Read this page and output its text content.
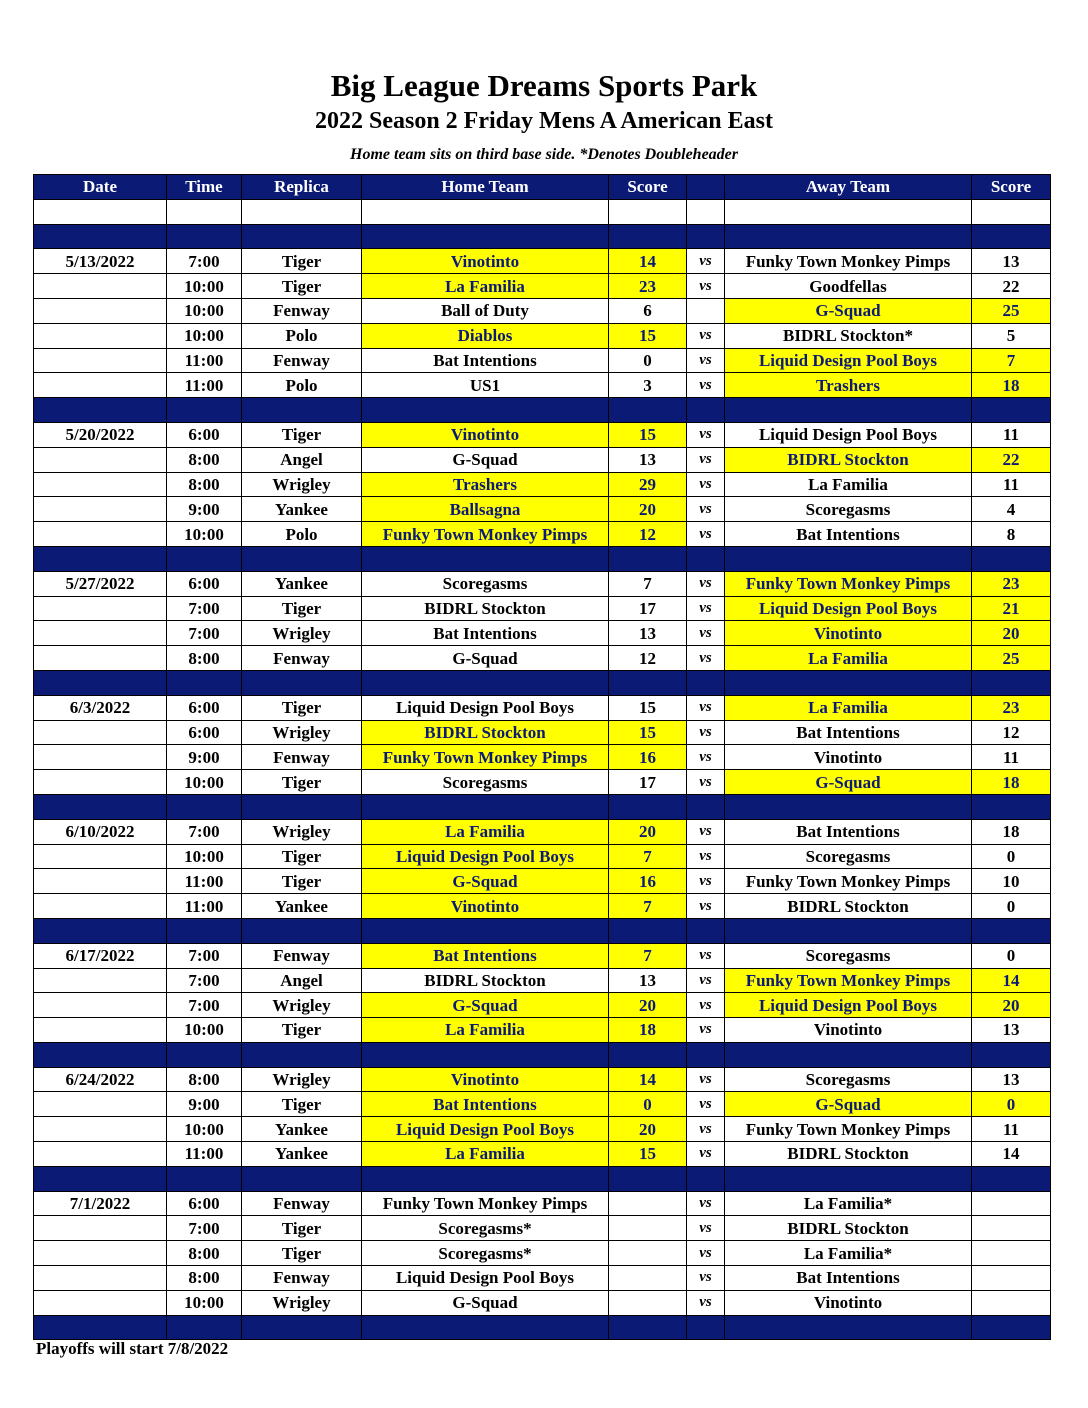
Big League Dreams Sports Park
2022 Season 2 Friday Mens A American East
Home team sits on third base side. *Denotes Doubleheader
Date	Time	Replica	Home Team	Score		Away Team	Score

5/13/2022	7:00	Tiger	Vinotinto	14	vs	Funky Town Monkey Pimps	13
	10:00	Tiger	La Familia	23	vs	Goodfellas	22
	10:00	Fenway	Ball of Duty	6		G-Squad	25
	10:00	Polo	Diablos	15	vs	BIDRL Stockton*	5
	11:00	Fenway	Bat Intentions	0	vs	Liquid Design Pool Boys	7
	11:00	Polo	US1	3	vs	Trashers	18

5/20/2022	6:00	Tiger	Vinotinto	15	vs	Liquid Design Pool Boys	11
	8:00	Angel	G-Squad	13	vs	BIDRL Stockton	22
	8:00	Wrigley	Trashers	29	vs	La Familia	11
	9:00	Yankee	Ballsagna	20	vs	Scoregasms	4
	10:00	Polo	Funky Town Monkey Pimps	12	vs	Bat Intentions	8

5/27/2022	6:00	Yankee	Scoregasms	7	vs	Funky Town Monkey Pimps	23
	7:00	Tiger	BIDRL Stockton	17	vs	Liquid Design Pool Boys	21
	7:00	Wrigley	Bat Intentions	13	vs	Vinotinto	20
	8:00	Fenway	G-Squad	12	vs	La Familia	25

6/3/2022	6:00	Tiger	Liquid Design Pool Boys	15	vs	La Familia	23
	6:00	Wrigley	BIDRL Stockton	15	vs	Bat Intentions	12
	9:00	Fenway	Funky Town Monkey Pimps	16	vs	Vinotinto	11
	10:00	Tiger	Scoregasms	17	vs	G-Squad	18

6/10/2022	7:00	Wrigley	La Familia	20	vs	Bat Intentions	18
	10:00	Tiger	Liquid Design Pool Boys	7	vs	Scoregasms	0
	11:00	Tiger	G-Squad	16	vs	Funky Town Monkey Pimps	10
	11:00	Yankee	Vinotinto	7	vs	BIDRL Stockton	0

6/17/2022	7:00	Fenway	Bat Intentions	7	vs	Scoregasms	0
	7:00	Angel	BIDRL Stockton	13	vs	Funky Town Monkey Pimps	14
	7:00	Wrigley	G-Squad	20	vs	Liquid Design Pool Boys	20
	10:00	Tiger	La Familia	18	vs	Vinotinto	13

6/24/2022	8:00	Wrigley	Vinotinto	14	vs	Scoregasms	13
	9:00	Tiger	Bat Intentions	0	vs	G-Squad	0
	10:00	Yankee	Liquid Design Pool Boys	20	vs	Funky Town Monkey Pimps	11
	11:00	Yankee	La Familia	15	vs	BIDRL Stockton	14

7/1/2022	6:00	Fenway	Funky Town Monkey Pimps		vs	La Familia*	
	7:00	Tiger	Scoregasms*		vs	BIDRL Stockton	
	8:00	Tiger	Scoregasms*		vs	La Familia*	
	8:00	Fenway	Liquid Design Pool Boys		vs	Bat Intentions	
	10:00	Wrigley	G-Squad		vs	Vinotinto	

Playoffs will start 7/8/2022
